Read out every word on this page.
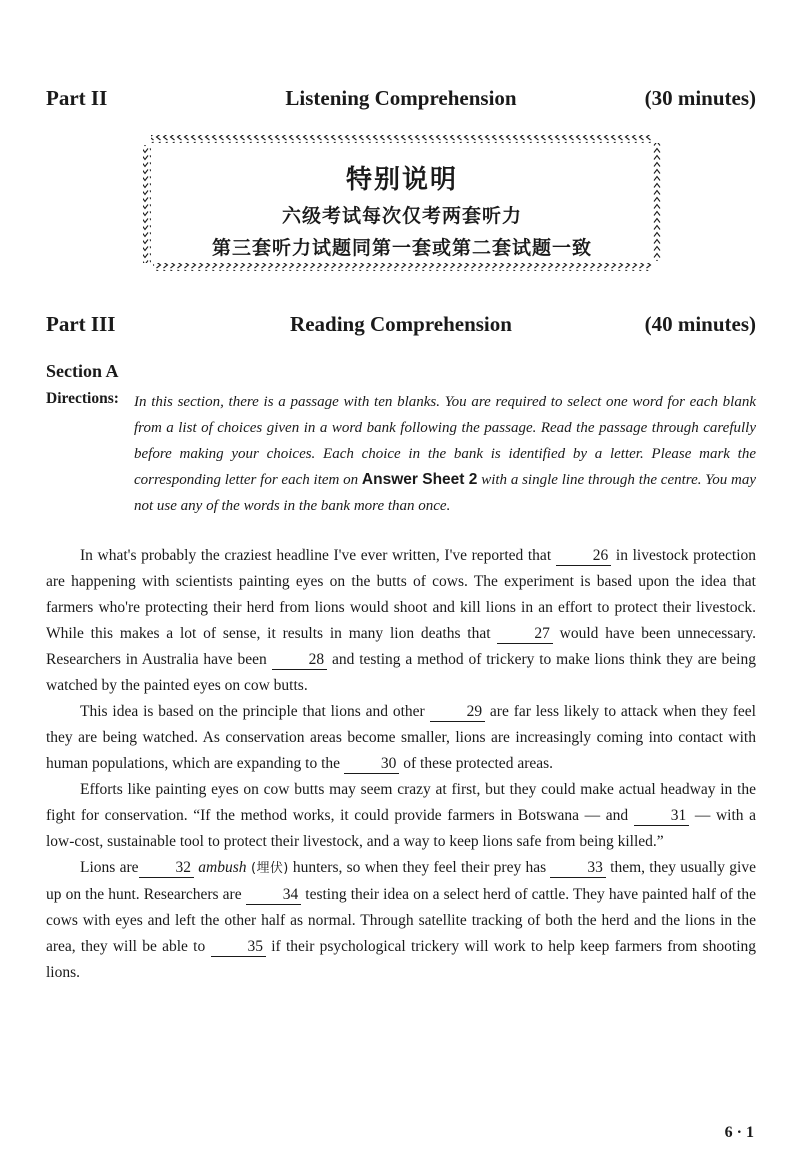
Part II	Listening Comprehension	(30 minutes)
特别说明
六级考试每次仅考两套听力
第三套听力试题同第一套或第二套试题一致
Part III	Reading Comprehension	(40 minutes)
Section A
Directions: In this section, there is a passage with ten blanks. You are required to select one word for each blank from a list of choices given in a word bank following the passage. Read the passage through carefully before making your choices. Each choice in the bank is identified by a letter. Please mark the corresponding letter for each item on Answer Sheet 2 with a single line through the centre. You may not use any of the words in the bank more than once.

In what's probably the craziest headline I've ever written, I've reported that 26 in livestock protection are happening with scientists painting eyes on the butts of cows. The experiment is based upon the idea that farmers who're protecting their herd from lions would shoot and kill lions in an effort to protect their livestock. While this makes a lot of sense, it results in many lion deaths that 27 would have been unnecessary. Researchers in Australia have been 28 and testing a method of trickery to make lions think they are being watched by the painted eyes on cow butts.

This idea is based on the principle that lions and other 29 are far less likely to attack when they feel they are being watched. As conservation areas become smaller, lions are increasingly coming into contact with human populations, which are expanding to the 30 of these protected areas.

Efforts like painting eyes on cow butts may seem crazy at first, but they could make actual headway in the fight for conservation. “If the method works, it could provide farmers in Botswana — and 31 — with a low-cost, sustainable tool to protect their livestock, and a way to keep lions safe from being killed.”

Lions are 32 ambush (埋伏) hunters, so when they feel their prey has 33 them, they usually give up on the hunt. Researchers are 34 testing their idea on a select herd of cattle. They have painted half of the cows with eyes and left the other half as normal. Through satellite tracking of both the herd and the lions in the area, they will be able to 35 if their psychological trickery will work to help keep farmers from shooting lions.

6 · 1
